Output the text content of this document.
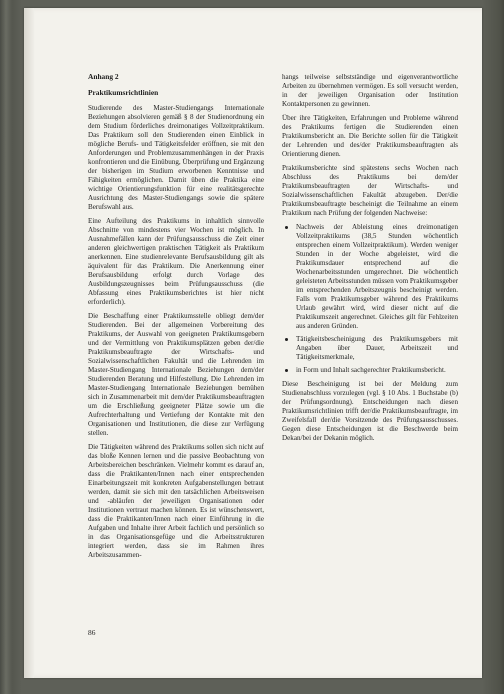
Anhang 2
Praktikumsrichtlinien

Studierende des Master-Studiengangs Internationale Beziehungen absolvieren gemäß § 8 der Studienordnung ein dem Studium förderliches dreimonatiges Vollzeitpraktikum. Das Praktikum soll den Studierenden einen Einblick in mögliche Berufs- und Tätigkeitsfelder eröffnen, sie mit den Anforderungen und Problemzusammenhängen in der Praxis konfrontieren und die Einübung, Überprüfung und Ergänzung der bisherigen im Studium erworbenen Kenntnisse und Fähigkeiten ermöglichen. Damit üben die Praktika eine wichtige Orientierungsfunktion für eine realitätsgerechte Ausrichtung des Master-Studiengangs sowie die spätere Berufswahl aus.

Eine Aufteilung des Praktikums in inhaltlich sinnvolle Abschnitte von mindestens vier Wochen ist möglich. In Ausnahmefällen kann der Prüfungsausschuss die Zeit einer anderen gleichwertigen praktischen Tätigkeit als Praktikum anerkennen. Eine studienrelevante Berufsausbildung gilt als äquivalent für das Praktikum. Die Anerkennung einer Berufsausbildung erfolgt durch Vorlage des Ausbildungszeugnisses beim Prüfungsausschuss (die Abfassung eines Praktikumsberichtes ist hier nicht erforderlich).

Die Beschaffung einer Praktikumsstelle obliegt dem/der Studierenden. Bei der allgemeinen Vorbereitung des Praktikums, der Auswahl von geeigneten Praktikumsgebern und der Vermittlung von Praktikumsplätzen geben der/die Praktikumsbeauftragte der Wirtschafts- und Sozialwissenschaftlichen Fakultät und die Lehrenden im Master-Studiengang Internationale Beziehungen dem/der Studierenden Beratung und Hilfestellung. Die Lehrenden im Master-Studiengang Internationale Beziehungen bemühen sich in Zusammenarbeit mit dem/der Praktikumsbeauftragten um die Erschließung geeigneter Plätze sowie um die Aufrechterhaltung und Vertiefung der Kontakte mit den Organisationen und Institutionen, die diese zur Verfügung stellen.

Die Tätigkeiten während des Praktikums sollen sich nicht auf das bloße Kennen lernen und die passive Beobachtung von Arbeitsbereichen beschränken. Vielmehr kommt es darauf an, dass die Praktikanten/Innen nach einer entsprechenden Einarbeitungszeit mit konkreten Aufgabenstellungen betraut werden, damit sie sich mit den tatsächlichen Arbeitsweisen und -abläufen der jeweiligen Organisationen oder Institutionen vertraut machen können. Es ist wünschenswert, dass die Praktikanten/Innen nach einer Einführung in die Aufgaben und Inhalte ihrer Arbeit fachlich und persönlich so in das Organisationsgefüge und die Arbeitsstrukturen integriert werden, dass sie im Rahmen ihres Arbeitszusammen-

hangs teilweise selbstständige und eigenverantwortliche Arbeiten zu übernehmen vermögen. Es soll versucht werden, in der jeweiligen Organisation oder Institution Kontaktpersonen zu gewinnen.

Über ihre Tätigkeiten, Erfahrungen und Probleme während des Praktikums fertigen die Studierenden einen Praktikumsbericht an. Die Berichte sollen für die Tätigkeit der Lehrenden und des/der Praktikumsbeauftragten als Orientierung dienen.

Praktikumsberichte sind spätestens sechs Wochen nach Abschluss des Praktikums bei dem/der Praktikumsbeauftragten der Wirtschafts- und Sozialwissenschaftlichen Fakultät abzugeben. Der/die Praktikumsbeauftragte bescheinigt die Teilnahme an einem Praktikum nach Prüfung der folgenden Nachweise:

Nachweis der Ableistung eines dreimonatigen Vollzeitpraktikums (38,5 Stunden wöchentlich entsprechen einem Vollzeitpraktikum). Werden weniger Stunden in der Woche abgeleistet, wird die Praktikumsdauer entsprechend auf die Wochenarbeitsstunden umgerechnet. Die wöchentlich geleisteten Arbeitsstunden müssen vom Praktikumsgeber im entsprechenden Arbeitszeugnis bescheinigt werden. Falls vom Praktikumsgeber während des Praktikums Urlaub gewährt wird, wird dieser nicht auf die Praktikumszeit angerechnet. Gleiches gilt für Fehlzeiten aus anderen Gründen.
Tätigkeitsbescheinigung des Praktikumsgebers mit Angaben über Dauer, Arbeitszeit und Tätigkeitsmerkmale,
in Form und Inhalt sachgerechter Praktikumsbericht.

Diese Bescheinigung ist bei der Meldung zum Studienabschluss vorzulegen (vgl. § 10 Abs. 1 Buchstabe (b) der Prüfungsordnung). Entscheidungen nach diesen Praktikumsrichtlinien trifft der/die Praktikumsbeauftragte, im Zweifelsfall der/die Vorsitzende des Prüfungsausschusses. Gegen diese Entscheidungen ist die Beschwerde beim Dekan/bei der Dekanin möglich.

86
